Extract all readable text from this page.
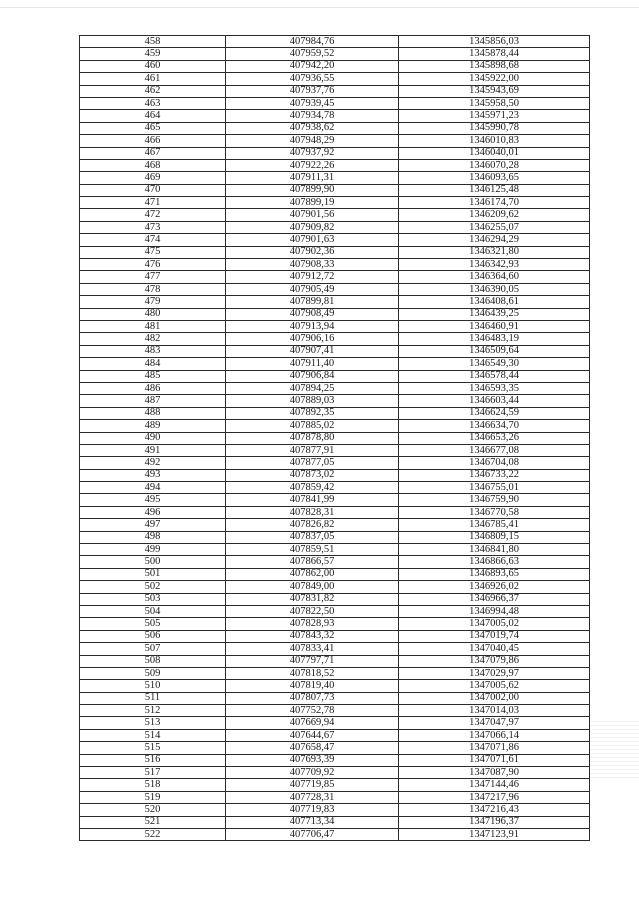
458	407984,76	1345856,03
459	407959,52	1345878,44
460	407942,20	1345898,68
461	407936,55	1345922,00
462	407937,76	1345943,69
463	407939,45	1345958,50
464	407934,78	1345971,23
465	407938,62	1345990,78
466	407948,29	1346010,83
467	407937,92	1346040,01
468	407922,26	1346070,28
469	407911,31	1346093,65
470	407899,90	1346125,48
471	407899,19	1346174,70
472	407901,56	1346209,62
473	407909,82	1346255,07
474	407901,63	1346294,29
475	407902,36	1346321,80
476	407908,33	1346342,93
477	407912,72	1346364,60
478	407905,49	1346390,05
479	407899,81	1346408,61
480	407908,49	1346439,25
481	407913,94	1346460,91
482	407906,16	1346483,19
483	407907,41	1346509,64
484	407911,40	1346549,30
485	407906,84	1346578,44
486	407894,25	1346593,35
487	407889,03	1346603,44
488	407892,35	1346624,59
489	407885,02	1346634,70
490	407878,80	1346653,26
491	407877,91	1346677,08
492	407877,05	1346704,08
493	407873,02	1346733,22
494	407859,42	1346755,01
495	407841,99	1346759,90
496	407828,31	1346770,58
497	407826,82	1346785,41
498	407837,05	1346809,15
499	407859,51	1346841,80
500	407866,57	1346866,63
501	407862,00	1346893,65
502	407849,00	1346926,02
503	407831,82	1346966,37
504	407822,50	1346994,48
505	407828,93	1347005,02
506	407843,32	1347019,74
507	407833,41	1347040,45
508	407797,71	1347079,86
509	407818,52	1347029,97
510	407819,40	1347005,62
511	407807,73	1347002,00
512	407752,78	1347014,03
513	407669,94	1347047,97
514	407644,67	1347066,14
515	407658,47	1347071,86
516	407693,39	1347071,61
517	407709,92	1347087,90
518	407719,85	1347144,46
519	407728,31	1347217,96
520	407719,83	1347216,43
521	407713,34	1347196,37
522	407706,47	1347123,91
